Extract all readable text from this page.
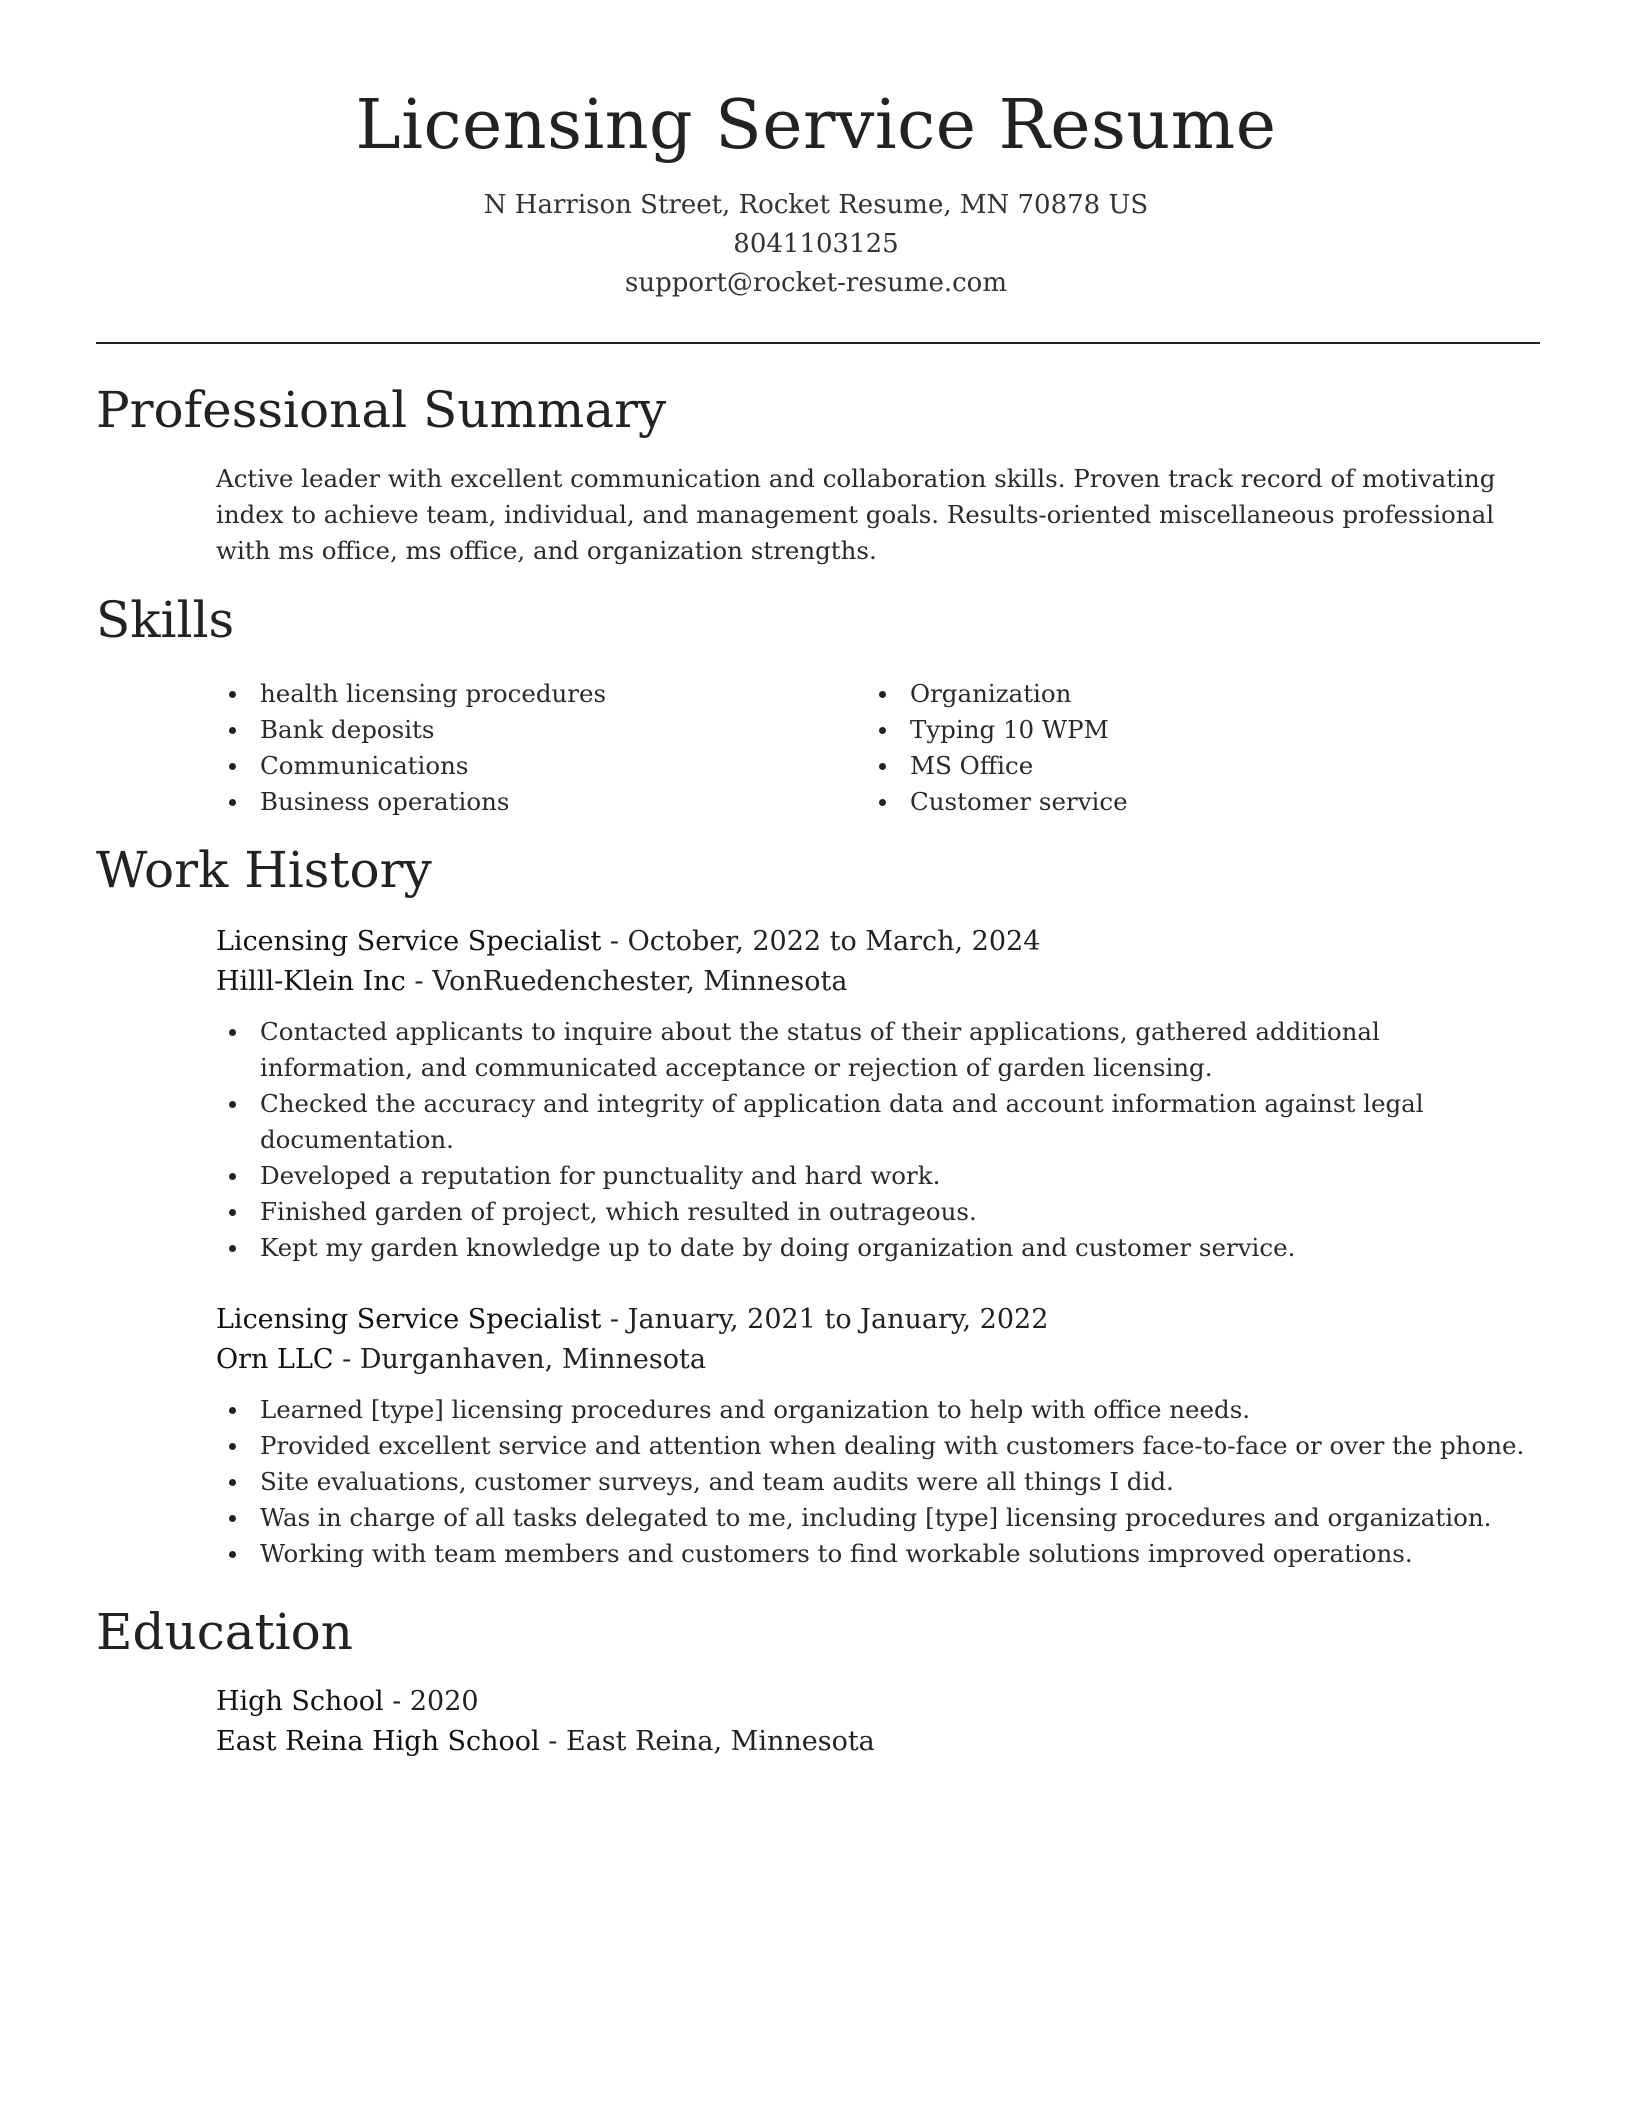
Licensing Service Resume
N Harrison Street, Rocket Resume, MN 70878 US
8041103125
support@rocket-resume.com
Professional Summary

Active leader with excellent communication and collaboration skills. Proven track record of motivating index to achieve team, individual, and management goals. Results-oriented miscellaneous professional with ms office, ms office, and organization strengths.

Skills
health licensing procedures
Bank deposits
Communications
Business operations
Organization
Typing 10 WPM
MS Office
Customer service
Work History
Licensing Service Specialist - October, 2022 to March, 2024
Hilll-Klein Inc - VonRuedenchester, Minnesota
Contacted applicants to inquire about the status of their applications, gathered additional information, and communicated acceptance or rejection of garden licensing.
Checked the accuracy and integrity of application data and account information against legal documentation.
Developed a reputation for punctuality and hard work.
Finished garden of project, which resulted in outrageous.
Kept my garden knowledge up to date by doing organization and customer service.
Licensing Service Specialist - January, 2021 to January, 2022
Orn LLC - Durganhaven, Minnesota
Learned [type] licensing procedures and organization to help with office needs.
Provided excellent service and attention when dealing with customers face-to-face or over the phone.
Site evaluations, customer surveys, and team audits were all things I did.
Was in charge of all tasks delegated to me, including [type] licensing procedures and organization.
Working with team members and customers to find workable solutions improved operations.
Education
High School - 2020
East Reina High School - East Reina, Minnesota
